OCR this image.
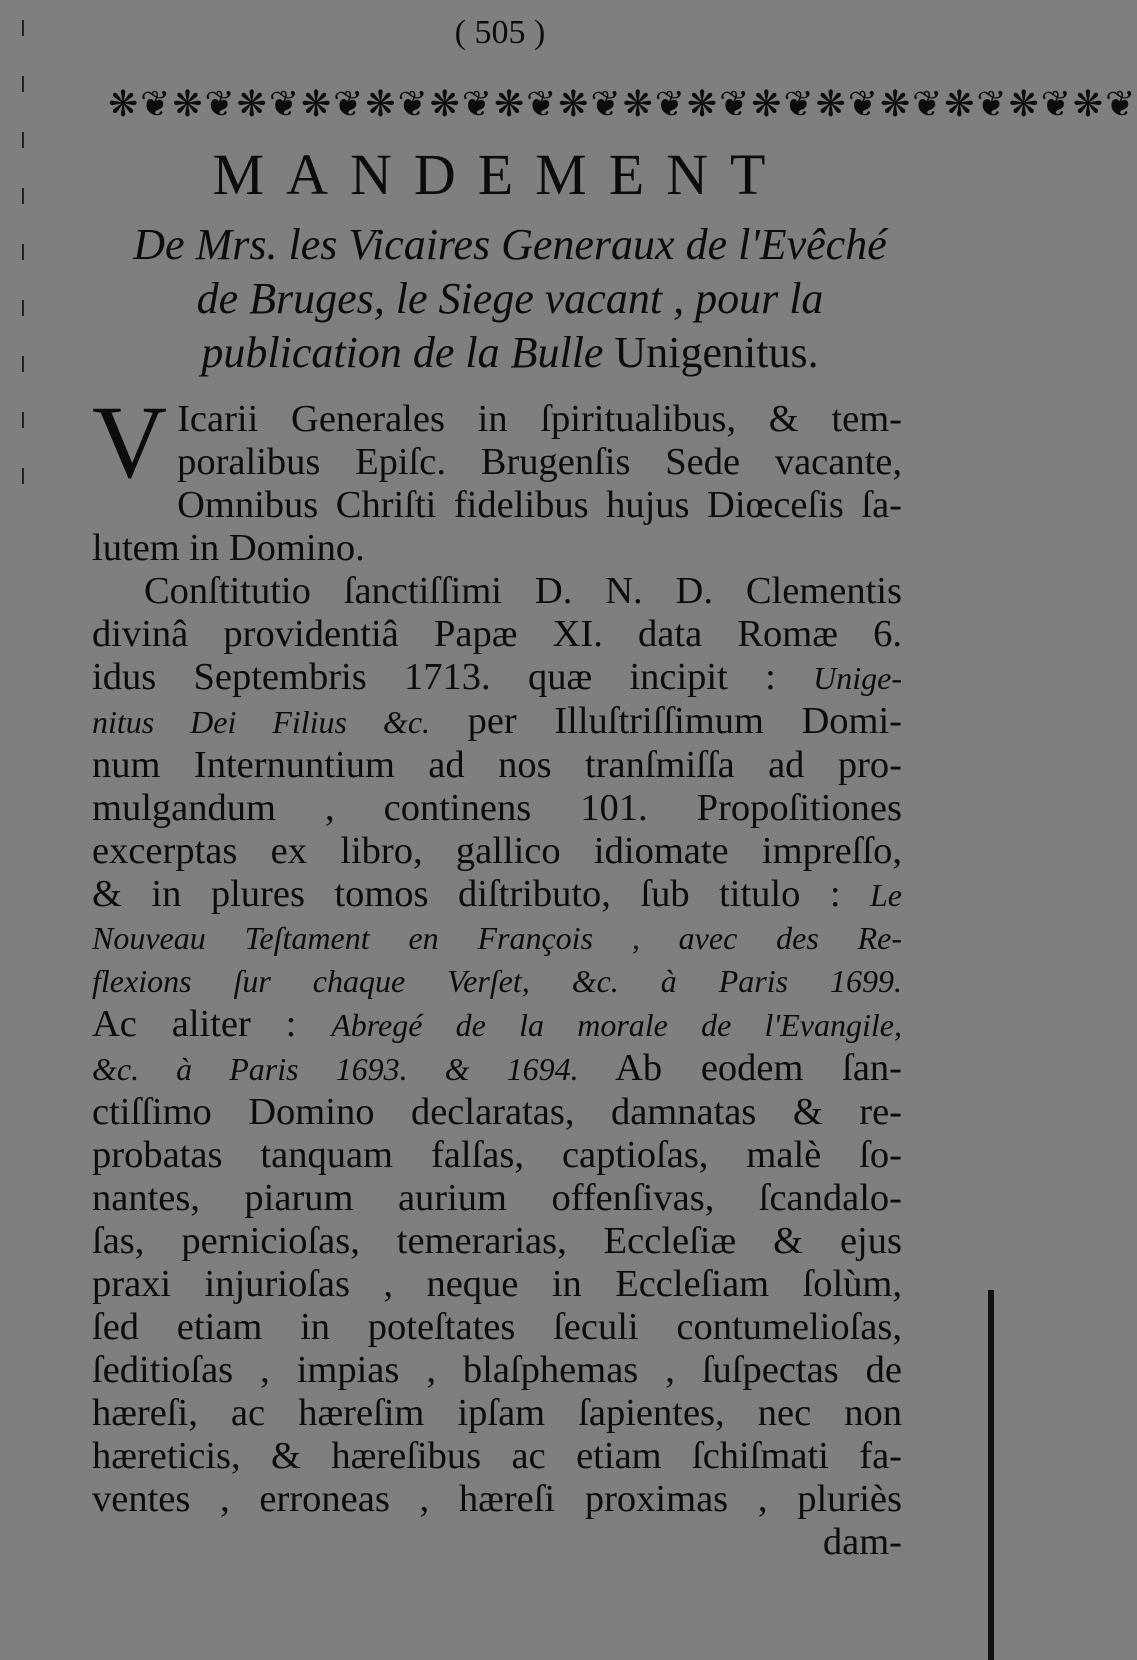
( 505 )
❋❦❋❦❋❦❋❦❋❦❋❦❋❦❋❦❋❦❋❦❋❦❋❦❋❦❋❦❋❦❋❦
MANDEMENT
De Mrs. les Vicaires Generaux de l'Evêché
de Bruges, le Siege vacant , pour la
publication de la Bulle Unigenitus.
V Icarii Generales in ſpiritualibus, & tem-
poralibus Epiſc. Brugenſis Sede vacante,
Omnibus Chriſti fidelibus hujus Diœceſis ſa-
lutem in Domino.
Conſtitutio ſanctiſſimi D. N. D. Clementis
divinâ providentiâ Papæ XI. data Romæ 6.
idus Septembris 1713. quæ incipit : Unige-
nitus Dei Filius &c. per Illuſtriſſimum Domi-
num Internuntium ad nos tranſmiſſa ad pro-
mulgandum , continens 101. Propoſitiones
excerptas ex libro, gallico idiomate impreſſo,
& in plures tomos diſtributo, ſub titulo : Le
Nouveau Teſtament en François , avec des Re-
flexions ſur chaque Verſet, &c. à Paris 1699.
Ac aliter : Abregé de la morale de l'Evangile,
&c. à Paris 1693. & 1694. Ab eodem ſan-
ctiſſimo Domino declaratas, damnatas & re-
probatas tanquam falſas, captioſas, malè ſo-
nantes, piarum aurium offenſivas, ſcandalo-
ſas, pernicioſas, temerarias, Eccleſiæ & ejus
praxi injurioſas , neque in Eccleſiam ſolùm,
ſed etiam in poteſtates ſeculi contumelioſas,
ſeditioſas , impias , blaſphemas , ſuſpectas de
hæreſi, ac hæreſim ipſam ſapientes, nec non
hæreticis, & hæreſibus ac etiam ſchiſmati fa-
ventes , erroneas , hæreſi proximas , pluriès
dam-
